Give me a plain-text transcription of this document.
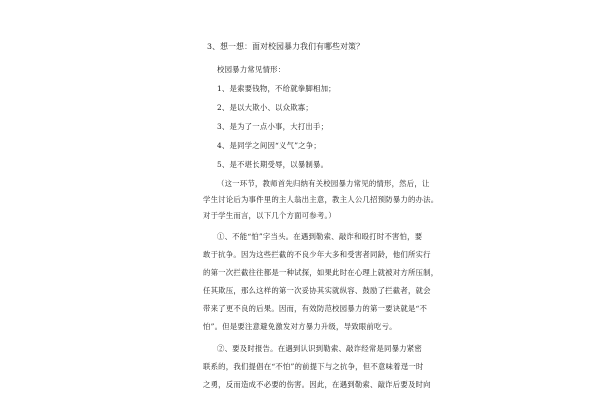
3、想一想：面对校园暴力我们有哪些对策？
校园暴力常见情形：
1、是索要钱物，不给就拳脚相加；
2、是以大欺小、以众欺寡；
3、是为了一点小事，大打出手；
4、是同学之间因“义气”之争；
5、是不堪长期受辱，以暴制暴。
（这一环节，教师首先归纳有关校园暴力常见的情形，然后，让
学生讨论后为事件里的主人翁出主意，教主人公几招预防暴力的办法。
对于学生而言，以下几个方面可参考。）
①、不能“怕”字当头。在遇到勒索、敲诈和殴打时不害怕，要
敢于抗争。因为这些拦截的不良少年大多和受害者同龄，他们所实行
的第一次拦截往往都是一种试探，如果此时在心理上就被对方所压制，
任其欺压，那么这样的第一次妥协其实就纵容、鼓励了拦截者，就会
带来了更不良的后果。因而，有效防范校园暴力的第一要诀就是“不
怕”。但是要注意避免激发对方暴力升级，导致眼前吃亏。
②、要及时报告。在遇到认识到勒索、敲诈经常是同暴力紧密
联系的，我们提倡在“不怕”的前提下与之抗争，但不意味着逞一时
之勇，反而造成不必要的伤害。因此，在遇到勒索、敲诈后要及时向
